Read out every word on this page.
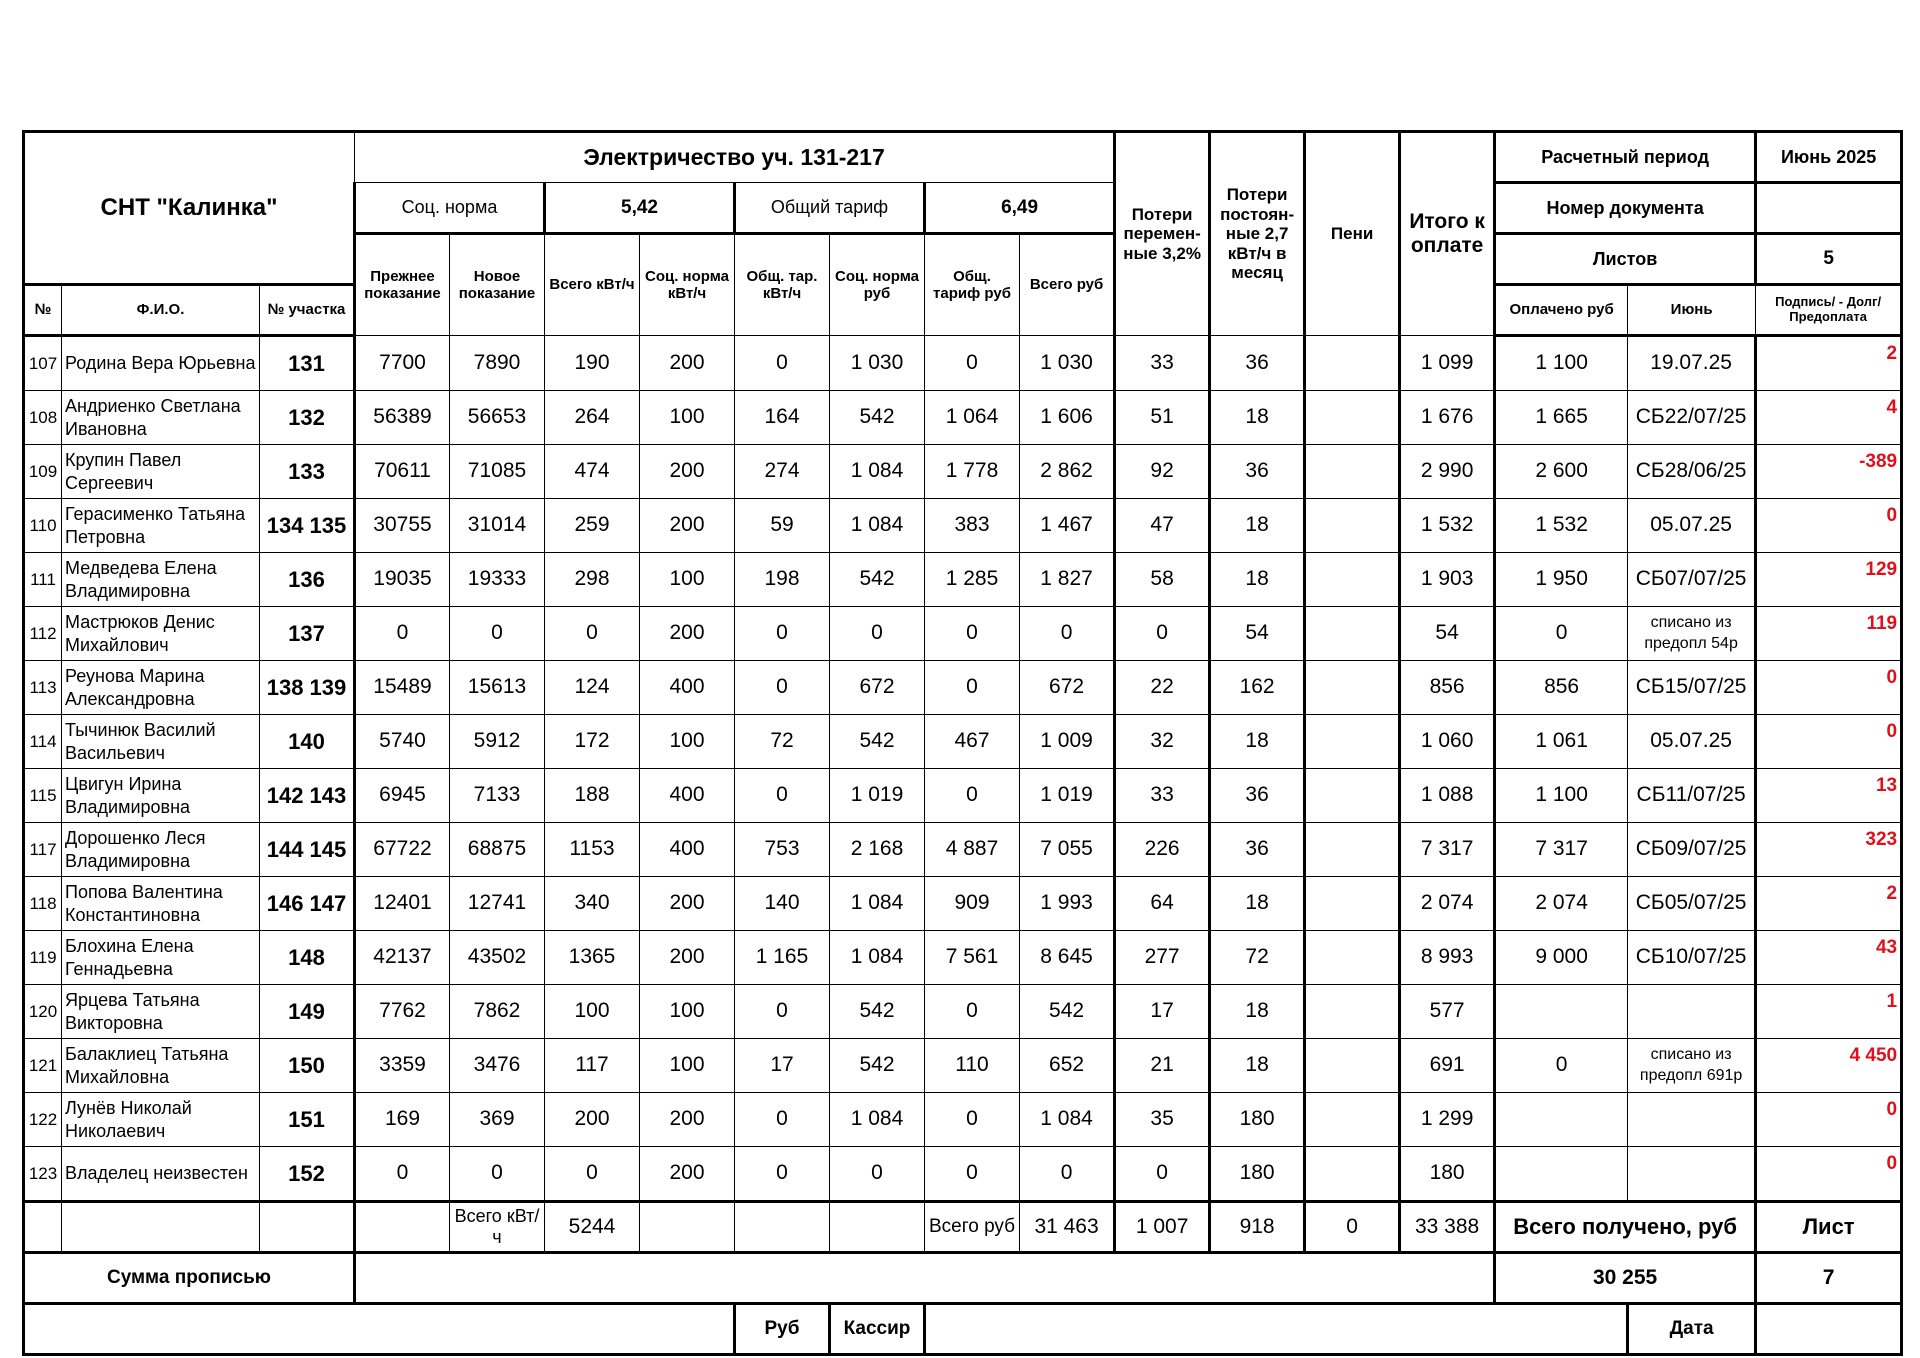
СНТ "Калинка"			Электричество уч. 131-217								Потери перемен-ные 3,2%	Потери постоян-ные 2,7 кВт/ч в месяц	Пени	Итого к оплате	Расчетный период		Июнь 2025
			Соц. норма		5,42		Общий тариф		6,49						Номер документа		
			Прежнее показание	Новое показание	Всего кВт/ч	Соц. норма кВт/ч	Общ. тар. кВт/ч	Соц. норма руб	Общ. тариф руб	Всего руб					Листов		5
№	Ф.И.О.	№ участка													Оплачено руб	Июнь	Подпись/ - Долг/Предоплата
107	Родина Вера Юрьевна	131	7700	7890	190	200	0	1 030	0	1 030	33	36		1 099	1 100	19.07.25	2
108	Андриенко Светлана Ивановна	132	56389	56653	264	100	164	542	1 064	1 606	51	18		1 676	1 665	СБ22/07/25	4
109	Крупин Павел Сергеевич	133	70611	71085	474	200	274	1 084	1 778	2 862	92	36		2 990	2 600	СБ28/06/25	-389
110	Герасименко Татьяна Петровна	134 135	30755	31014	259	200	59	1 084	383	1 467	47	18		1 532	1 532	05.07.25	0
111	Медведева Елена Владимировна	136	19035	19333	298	100	198	542	1 285	1 827	58	18		1 903	1 950	СБ07/07/25	129
112	Мастрюков Денис Михайлович	137	0	0	0	200	0	0	0	0	0	54		54	0	списано из предопл 54р	119
113	Реунова Марина Александровна	138 139	15489	15613	124	400	0	672	0	672	22	162		856	856	СБ15/07/25	0
114	Тычинюк Василий Васильевич	140	5740	5912	172	100	72	542	467	1 009	32	18		1 060	1 061	05.07.25	0
115	Цвигун Ирина Владимировна	142 143	6945	7133	188	400	0	1 019	0	1 019	33	36		1 088	1 100	СБ11/07/25	13
117	Дорошенко Леся Владимировна	144 145	67722	68875	1153	400	753	2 168	4 887	7 055	226	36		7 317	7 317	СБ09/07/25	323
118	Попова Валентина Константиновна	146 147	12401	12741	340	200	140	1 084	909	1 993	64	18		2 074	2 074	СБ05/07/25	2
119	Блохина Елена Геннадьевна	148	42137	43502	1365	200	1 165	1 084	7 561	8 645	277	72		8 993	9 000	СБ10/07/25	43
120	Ярцева Татьяна Викторовна	149	7762	7862	100	100	0	542	0	542	17	18		577			1
121	Балаклиец Татьяна Михайловна	150	3359	3476	117	100	17	542	110	652	21	18		691	0	списано из предопл 691р	4 450
122	Лунёв Николай Николаевич	151	169	369	200	200	0	1 084	0	1 084	35	180		1 299			0
123	Владелец неизвестен	152	0	0	0	200	0	0	0	0	0	180		180			0
				Всего кВт/ч	5244				Всего руб	31 463	1 007	918	0	33 388	Всего получено, руб		Лист
Сумма прописью															30 255		7
							Руб	Кассир								Дата	
